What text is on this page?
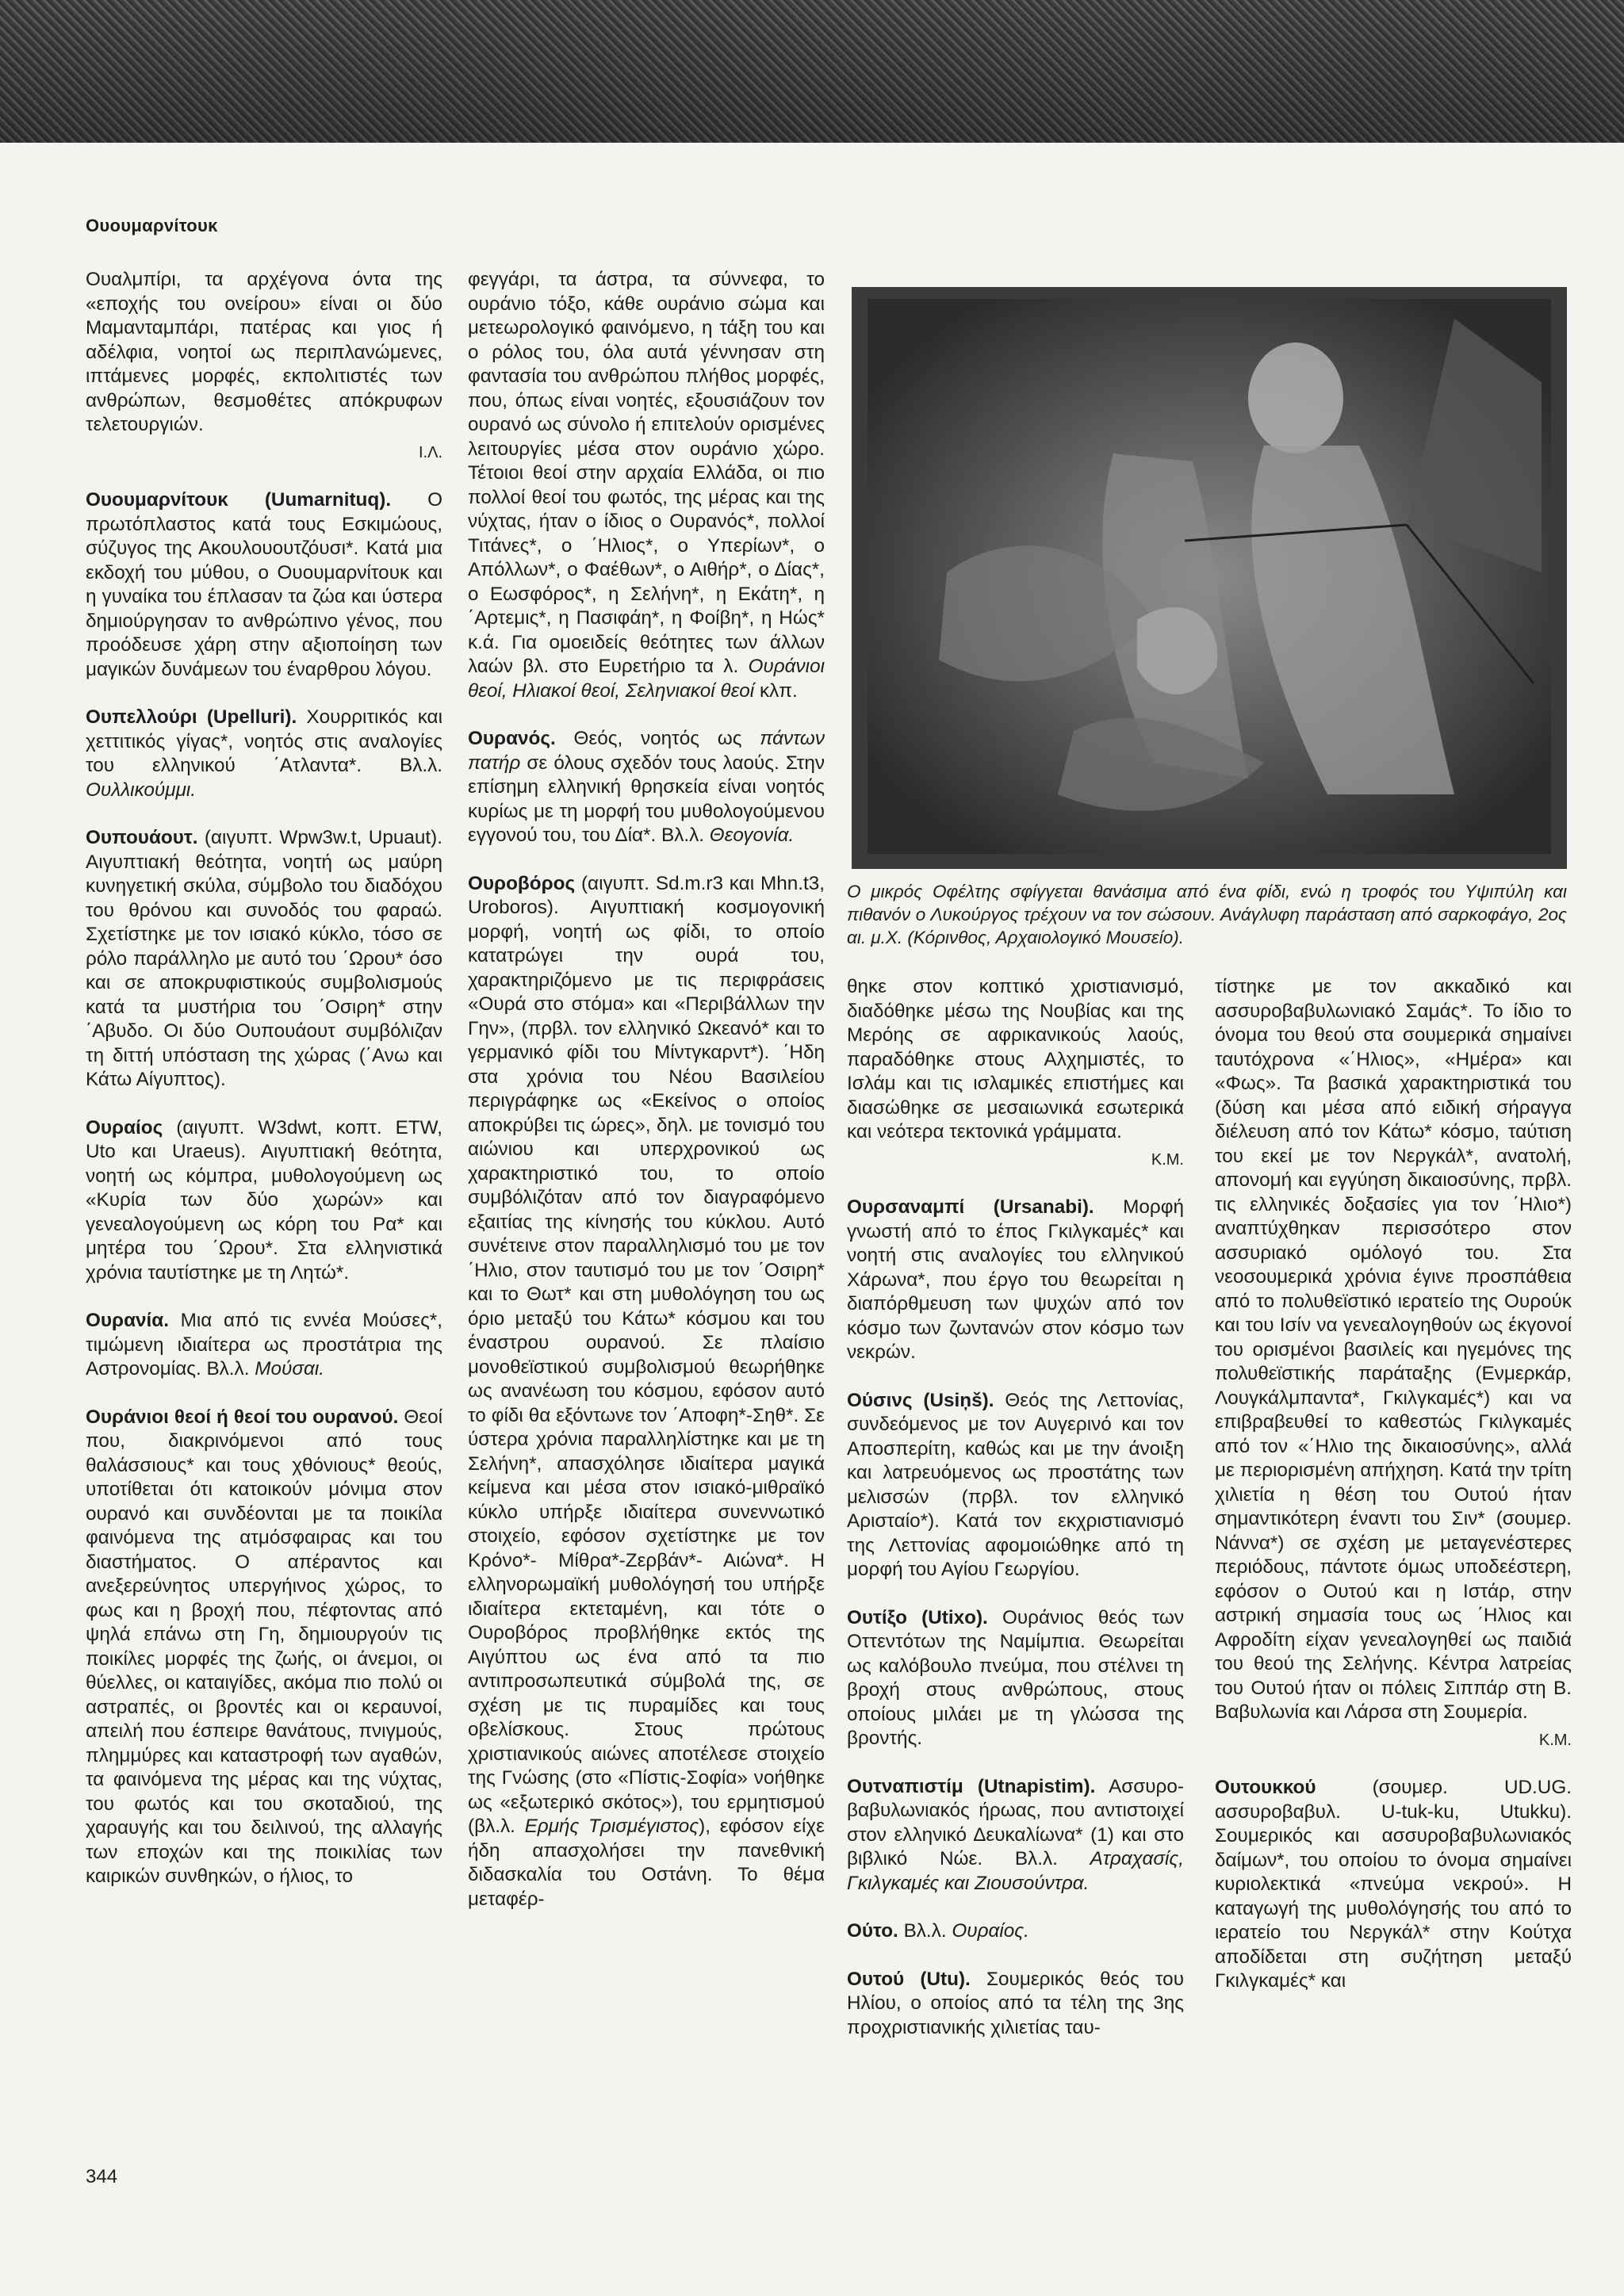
Ουουμαρνίτουκ

Ουαλμπίρι, τα αρχέγονα όντα της «εποχής του ονείρου» είναι οι δύο Μαμανταμπάρι, πατέρας και γιος ή αδέλφια, νοητοί ως περιπλανώμενες, ιπτάμενες μορφές, εκπολιτιστές των ανθρώπων, θεσμοθέτες απόκρυφων τελετουργιών.

Ι.Λ.

Ουουμαρνίτουκ (Uumarnituq). Ο πρωτόπλαστος κατά τους Εσκιμώους, σύζυγος της Ακουλουουτζόυσι*. Κατά μια εκδοχή του μύθου, ο Ουουμαρνίτουκ και η γυναίκα του έπλασαν τα ζώα και ύστερα δημιούργησαν το ανθρώπινο γένος, που προόδευσε χάρη στην αξιοποίηση των μαγικών δυνάμεων του έναρθρου λόγου.

Ουπελλούρι (Upelluri). Χουρριτικός και χεττιτικός γίγας*, νοητός στις αναλογίες του ελληνικού ΄Ατλαντα*. Βλ.λ. Ουλλικούμμι.

Ουπουάουτ. (αιγυπτ. Wpw3w.t, Upuaut). Αιγυπτιακή θεότητα, νοητή ως μαύρη κυνηγετική σκύλα, σύμβολο του διαδόχου του θρόνου και συνοδός του φαραώ. Σχετίστηκε με τον ισιακό κύκλο, τόσο σε ρόλο παράλληλο με αυτό του ΄Ωρου* όσο και σε αποκρυφιστικούς συμβολισμούς κατά τα μυστήρια του ΄Οσιρη* στην ΄Αβυδο. Οι δύο Ουπουάουτ συμβόλιζαν τη διττή υπόσταση της χώρας (΄Ανω και Κάτω Αίγυπτος).

Ουραίος (αιγυπτ. W3dwt, κοπτ. ETW, Uto και Uraeus). Αιγυπτιακή θεότητα, νοητή ως κόμπρα, μυθολογούμενη ως «Κυρία των δύο χωρών» και γενεαλογούμενη ως κόρη του Ρα* και μητέρα του ΄Ωρου*. Στα ελληνιστικά χρόνια ταυτίστηκε με τη Λητώ*.

Ουρανία. Μια από τις εννέα Μούσες*, τιμώμενη ιδιαίτερα ως προστάτρια της Αστρονομίας. Βλ.λ. Μούσαι.

Ουράνιοι θεοί ή θεοί του ουρανού. Θεοί που, διακρινόμενοι από τους θαλάσσιους* και τους χθόνιους* θεούς, υποτίθεται ότι κατοικούν μόνιμα στον ουρανό και συνδέονται με τα ποικίλα φαινόμενα της ατμόσφαιρας και του διαστήματος. Ο απέραντος και ανεξερεύνητος υπεργήινος χώρος, το φως και η βροχή που, πέφτοντας από ψηλά επάνω στη Γη, δημιουργούν τις ποικίλες μορφές της ζωής, οι άνεμοι, οι θύελλες, οι καταιγίδες, ακόμα πιο πολύ οι αστραπές, οι βροντές και οι κεραυνοί, απειλή που έσπειρε θανάτους, πνιγμούς, πλημμύρες και καταστροφή των αγαθών, τα φαινόμενα της μέρας και της νύχτας, του φωτός και του σκοταδιού, της χαραυγής και του δειλινού, της αλλαγής των εποχών και της ποικιλίας των καιρικών συνθηκών, ο ήλιος, το

φεγγάρι, τα άστρα, τα σύννεφα, το ουράνιο τόξο, κάθε ουράνιο σώμα και μετεωρολογικό φαινόμενο, η τάξη του και ο ρόλος του, όλα αυτά γέννησαν στη φαντασία του ανθρώπου πλήθος μορφές, που, όπως είναι νοητές, εξουσιάζουν τον ουρανό ως σύνολο ή επιτελούν ορισμένες λειτουργίες μέσα στον ουράνιο χώρο. Τέτοιοι θεοί στην αρχαία Ελλάδα, οι πιο πολλοί θεοί του φωτός, της μέρας και της νύχτας, ήταν ο ίδιος ο Ουρανός*, πολλοί Τιτάνες*, ο ΄Ηλιος*, ο Υπερίων*, ο Απόλλων*, ο Φαέθων*, ο Αιθήρ*, ο Δίας*, ο Εωσφόρος*, η Σελήνη*, η Εκάτη*, η ΄Αρτεμις*, η Πασιφάη*, η Φοίβη*, η Ηώς* κ.ά. Για ομοειδείς θεότητες των άλλων λαών βλ. στο Ευρετήριο τα λ. Ουράνιοι θεοί, Ηλιακοί θεοί, Σεληνιακοί θεοί κλπ.

Ουρανός. Θεός, νοητός ως πάντων πατήρ σε όλους σχεδόν τους λαούς. Στην επίσημη ελληνική θρησκεία είναι νοητός κυρίως με τη μορφή του μυθολογούμενου εγγονού του, του Δία*. Βλ.λ. Θεογονία.

Ουροβόρος (αιγυπτ. Sd.m.r3 και Mhn.t3, Uroboros). Αιγυπτιακή κοσμογονική μορφή, νοητή ως φίδι, το οποίο κατατρώγει την ουρά του, χαρακτηριζόμενο με τις περιφράσεις «Ουρά στο στόμα» και «Περιβάλλων την Γην», (πρβλ. τον ελληνικό Ωκεανό* και το γερμανικό φίδι του Μίντγκαρντ*). ΄Ηδη στα χρόνια του Νέου Βασιλείου περιγράφηκε ως «Εκείνος ο οποίος αποκρύβει τις ώρες», δηλ. με τονισμό του αιώνιου και υπερχρονικού ως χαρακτηριστικό του, το οποίο συμβόλιζόταν από τον διαγραφόμενο εξαιτίας της κίνησής του κύκλου. Αυτό συνέτεινε στον παραλληλισμό του με τον ΄Ηλιο, στον ταυτισμό του με τον ΄Οσιρη* και το Θωτ* και στη μυθολόγηση του ως όριο μεταξύ του Κάτω* κόσμου και του έναστρου ουρανού. Σε πλαίσιο μονοθεϊστικού συμβολισμού θεωρήθηκε ως ανανέωση του κόσμου, εφόσον αυτό το φίδι θα εξόντωνε τον ΄Αποφη*-Σηθ*. Σε ύστερα χρόνια παραλληλίστηκε και με τη Σελήνη*, απασχόλησε ιδιαίτερα μαγικά κείμενα και μέσα στον ισιακό-μιθραϊκό κύκλο υπήρξε ιδιαίτερα συνεννωτικό στοιχείο, εφόσον σχετίστηκε με τον Κρόνο*- Μίθρα*-Ζερβάν*- Αιώνα*. Η ελληνορωμαϊκή μυθολόγησή του υπήρξε ιδιαίτερα εκτεταμένη, και τότε ο Ουροβόρος προβλήθηκε εκτός της Αιγύπτου ως ένα από τα πιο αντιπροσωπευτικά σύμβολά της, σε σχέση με τις πυραμίδες και τους οβελίσκους. Στους πρώτους χριστιανικούς αιώνες αποτέλεσε στοιχείο της Γνώσης (στο «Πίστις-Σοφία» νοήθηκε ως «εξωτερικό σκότος»), του ερμητισμού (βλ.λ. Ερμής Τρισμέγιστος), εφόσον είχε ήδη απασχολήσει την πανεθνική διδασκαλία του Οστάνη. Το θέμα μεταφέρ-

Ο μικρός Οφέλτης σφίγγεται θανάσιμα από ένα φίδι, ενώ η τροφός του Υψιπύλη και πιθανόν ο Λυκούργος τρέχουν να τον σώσουν. Ανάγλυφη παράσταση από σαρκοφάγο, 2ος αι. μ.Χ. (Κόρινθος, Αρχαιολογικό Μουσείο).

θηκε στον κοπτικό χριστιανισμό, διαδόθηκε μέσω της Νουβίας και της Μερόης σε αφρικανικούς λαούς, παραδόθηκε στους Αλχημιστές, το Ισλάμ και τις ισλαμικές επιστήμες και διασώθηκε σε μεσαιωνικά εσωτερικά και νεότερα τεκτονικά γράμματα.

Κ.Μ.

Ουρσαναμπί (Ursanabi). Μορφή γνωστή από το έπος Γκιλγκαμές* και νοητή στις αναλογίες του ελληνικού Χάρωνα*, που έργο του θεωρείται η διαπόρθμευση των ψυχών από τον κόσμο των ζωντανών στον κόσμο των νεκρών.

Ούσινς (Usiņš). Θεός της Λεττονίας, συνδεόμενος με τον Αυγερινό και τον Αποσπερίτη, καθώς και με την άνοιξη και λατρευόμενος ως προστάτης των μελισσών (πρβλ. τον ελληνικό Αρισταίο*). Κατά τον εκχριστιανισμό της Λεττονίας αφομοιώθηκε από τη μορφή του Αγίου Γεωργίου.

Ουτίξο (Utixo). Ουράνιος θεός των Οττεντότων της Ναμίμπια. Θεωρείται ως καλόβουλο πνεύμα, που στέλνει τη βροχή στους ανθρώπους, στους οποίους μιλάει με τη γλώσσα της βροντής.

Ουτναπιστίμ (Utnapistim). Ασσυρο-βαβυλωνιακός ήρωας, που αντιστοιχεί στον ελληνικό Δευκαλίωνα* (1) και στο βιβλικό Νώε. Βλ.λ. Ατραχασίς, Γκιλγκαμές και Ζιουσούντρα.

Ούτο. Βλ.λ. Ουραίος.

Ουτού (Utu). Σουμερικός θεός του Ηλίου, ο οποίος από τα τέλη της 3ης προχριστιανικής χιλιετίας ταυ-

τίστηκε με τον ακκαδικό και ασσυροβαβυλωνιακό Σαμάς*. Το ίδιο το όνομα του θεού στα σουμερικά σημαίνει ταυτόχρονα «΄Ηλιος», «Ημέρα» και «Φως». Τα βασικά χαρακτηριστικά του (δύση και μέσα από ειδική σήραγγα διέλευση από τον Κάτω* κόσμο, ταύτιση του εκεί με τον Νεργκάλ*, ανατολή, απονομή και εγγύηση δικαιοσύνης, πρβλ. τις ελληνικές δοξασίες για τον ΄Ηλιο*) αναπτύχθηκαν περισσότερο στον ασσυριακό ομόλογό του. Στα νεοσουμερικά χρόνια έγινε προσπάθεια από το πολυθεϊστικό ιερατείο της Ουρούκ και του Ισίν να γενεαλογηθούν ως έκγονοί του ορισμένοι βασιλείς και ηγεμόνες της πολυθεϊστικής παράταξης (Ενμερκάρ, Λουγκάλμπαντα*, Γκιλγκαμές*) και να επιβραβευθεί το καθεστώς Γκιλγκαμές από τον «΄Ηλιο της δικαιοσύνης», αλλά με περιορισμένη απήχηση. Κατά την τρίτη χιλιετία η θέση του Ουτού ήταν σημαντικότερη έναντι του Σιν* (σουμερ. Νάννα*) σε σχέση με μεταγενέστερες περιόδους, πάντοτε όμως υποδεέστερη, εφόσον ο Ουτού και η Ιστάρ, στην αστρική σημασία τους ως ΄Ηλιος και Αφροδίτη είχαν γενεαλογηθεί ως παιδιά του θεού της Σελήνης. Κέντρα λατρείας του Ουτού ήταν οι πόλεις Σιππάρ στη Β. Βαβυλωνία και Λάρσα στη Σουμερία.

Κ.Μ.

Ουτουκκού (σουμερ. UD.UG. ασσυροβαβυλ. U-tuk-ku, Utukku). Σουμερικός και ασσυροβαβυλωνιακός δαίμων*, του οποίου το όνομα σημαίνει κυριολεκτικά «πνεύμα νεκρού». Η καταγωγή της μυθολόγησής του από το ιερατείο του Νεργκάλ* στην Κούτχα αποδίδεται στη συζήτηση μεταξύ Γκιλγκαμές* και

344
